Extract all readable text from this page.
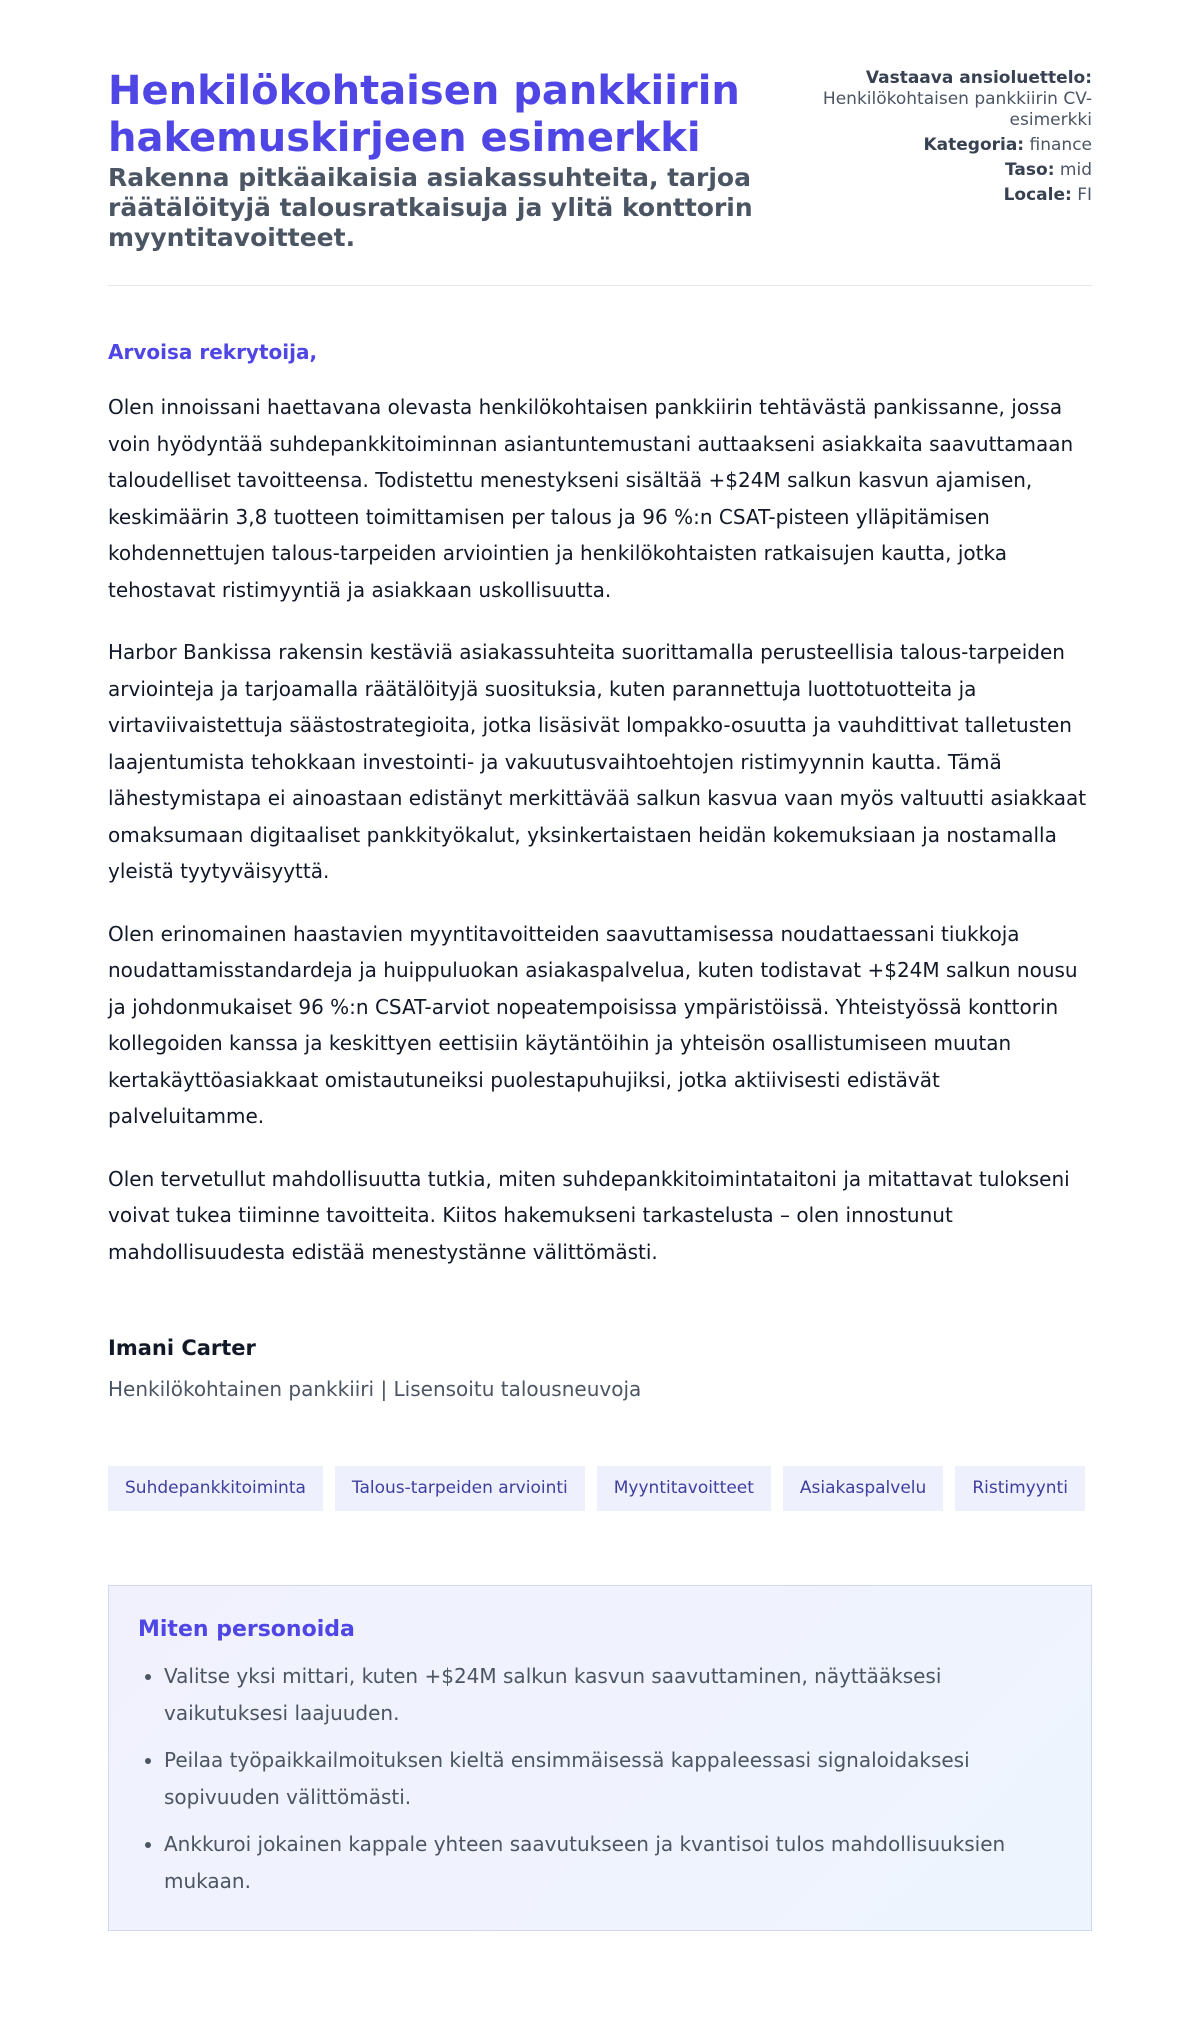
Henkilökohtaisen pankkiirin hakemuskirjeen esimerkki
Rakenna pitkäaikaisia asiakassuhteita, tarjoa räätälöityjä talousratkaisuja ja ylitä konttorin myyntitavoitteet.
Vastaava ansioluettelo:
Henkilökohtaisen pankkiirin CV-esimerkki
Kategoria: finance
Taso: mid
Locale: FI

Arvoisa rekrytoija,

Olen innoissani haettavana olevasta henkilökohtaisen pankkiirin tehtävästä pankissanne, jossa voin hyödyntää suhdepankkitoiminnan asiantuntemustani auttaakseni asiakkaita saavuttamaan taloudelliset tavoitteensa. Todistettu menestykseni sisältää +$24M salkun kasvun ajamisen, keskimäärin 3,8 tuotteen toimittamisen per talous ja 96 %:n CSAT-pisteen ylläpitämisen kohdennettujen talous-tarpeiden arviointien ja henkilökohtaisten ratkaisujen kautta, jotka tehostavat ristimyyntiä ja asiakkaan uskollisuutta.

Harbor Bankissa rakensin kestäviä asiakassuhteita suorittamalla perusteellisia talous-tarpeiden arviointeja ja tarjoamalla räätälöityjä suosituksia, kuten parannettuja luottotuotteita ja virtaviivaistettuja säästostrategioita, jotka lisäsivät lompakko-osuutta ja vauhdittivat talletusten laajentumista tehokkaan investointi- ja vakuutusvaihtoehtojen ristimyynnin kautta. Tämä lähestymistapa ei ainoastaan edistänyt merkittävää salkun kasvua vaan myös valtuutti asiakkaat omaksumaan digitaaliset pankkityökalut, yksinkertaistaen heidän kokemuksiaan ja nostamalla yleistä tyytyväisyyttä.

Olen erinomainen haastavien myyntitavoitteiden saavuttamisessa noudattaessani tiukkoja noudattamisstandardeja ja huippuluokan asiakaspalvelua, kuten todistavat +$24M salkun nousu ja johdonmukaiset 96 %:n CSAT-arviot nopeatempoisissa ympäristöissä. Yhteistyössä konttorin kollegoiden kanssa ja keskittyen eettisiin käytäntöihin ja yhteisön osallistumiseen muutan kertakäyttöasiakkaat omistautuneiksi puolestapuhujiksi, jotka aktiivisesti edistävät palveluitamme.

Olen tervetullut mahdollisuutta tutkia, miten suhdepankkitoimintataitoni ja mitattavat tulokseni voivat tukea tiiminne tavoitteita. Kiitos hakemukseni tarkastelusta – olen innostunut mahdollisuudesta edistää menestystänne välittömästi.

Imani Carter

Henkilökohtainen pankkiiri | Lisensoitu talousneuvoja

Suhdepankkitoiminta	Talous-tarpeiden arviointi	Myyntitavoitteet	Asiakaspalvelu	Ristimyynti
Miten personoida
• Valitse yksi mittari, kuten +$24M salkun kasvun saavuttaminen, näyttääksesi vaikutuksesi laajuuden.
• Peilaa työpaikkailmoituksen kieltä ensimmäisessä kappaleessasi signaloidaksesi sopivuuden välittömästi.
• Ankkuroi jokainen kappale yhteen saavutukseen ja kvantisoi tulos mahdollisuuksien mukaan.
